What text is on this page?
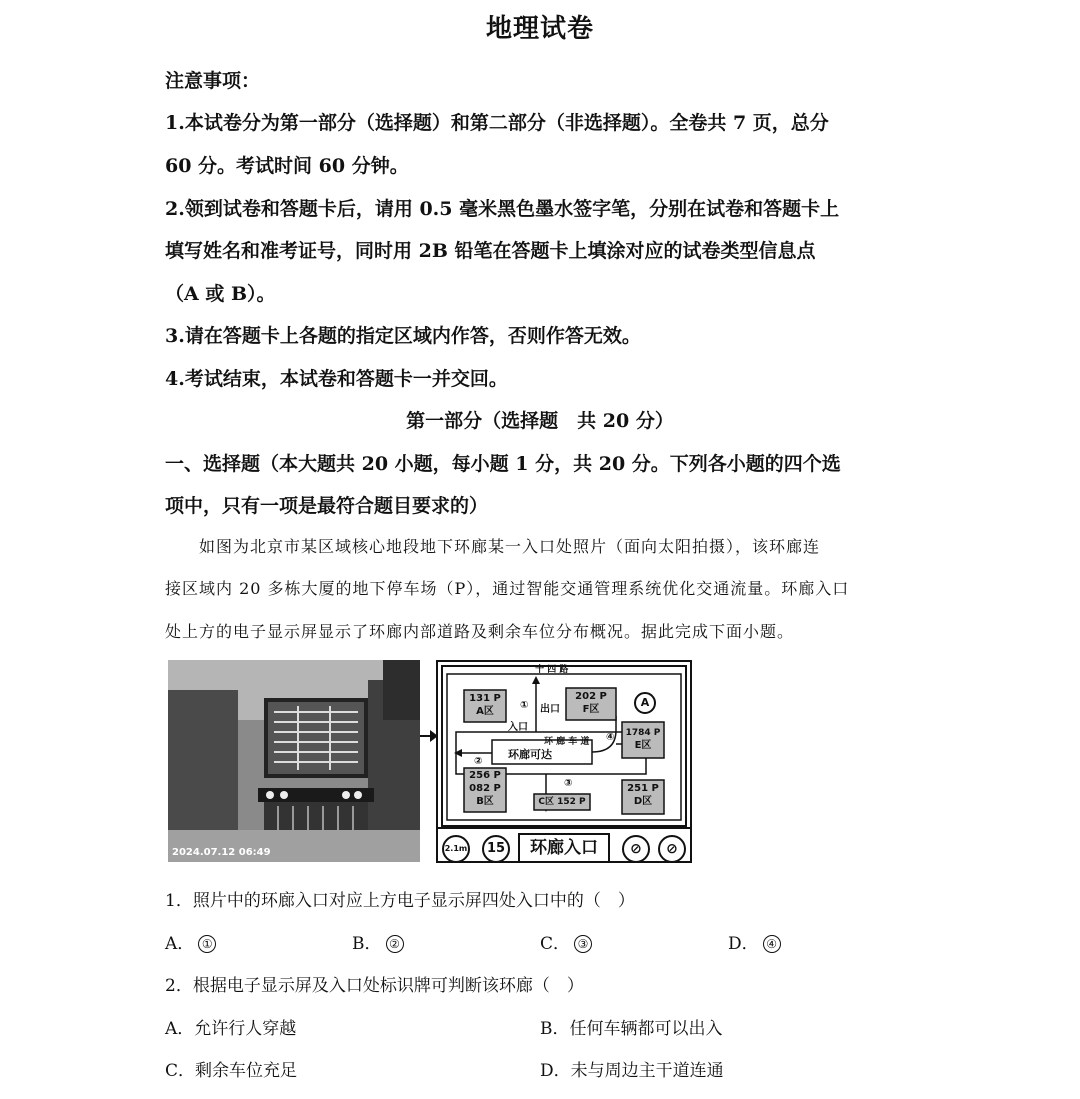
地理试卷
注意事项：
1.本试卷分为第一部分（选择题）和第二部分（非选择题）。全卷共 7 页，总分
60 分。考试时间 60 分钟。
2.领到试卷和答题卡后，请用 0.5 毫米黑色墨水签字笔，分别在试卷和答题卡上
填写姓名和准考证号，同时用 2B 铅笔在答题卡上填涂对应的试卷类型信息点
（A 或 B）。
3.请在答题卡上各题的指定区域内作答，否则作答无效。
4.考试结束，本试卷和答题卡一并交回。
第一部分（选择题　共 20 分）
一、选择题（本大题共 20 小题，每小题 1 分，共 20 分。下列各小题的四个选
项中，只有一项是最符合题目要求的）
　　如图为北京市某区域核心地段地下环廊某一入口处照片（面向太阳拍摄），该环廊连
接区域内 20 多栋大厦的地下停车场（P），通过智能交通管理系统优化交通流量。环廊入口
处上方的电子显示屏显示了环廊内部道路及剩余车位分布概况。据此完成下面小题。
2024.07.12 06:49
十 四 路
环 廊 车 道
环廊可达
131 P
A区
202 P
F区
1784 P
E区
256 P
082 P
B区
251 P
D区
C区 152 P
①
入口
②
③
④
出口
A
2.1m	15	环廊入口	⊘	⊘
1．照片中的环廊入口对应上方电子显示屏四处入口中的（　）
A． ①	B． ②	C． ③	D． ④
2．根据电子显示屏及入口处标识牌可判断该环廊（　）
A．允许行人穿越	B．任何车辆都可以出入
C．剩余车位充足	D．未与周边主干道连通
